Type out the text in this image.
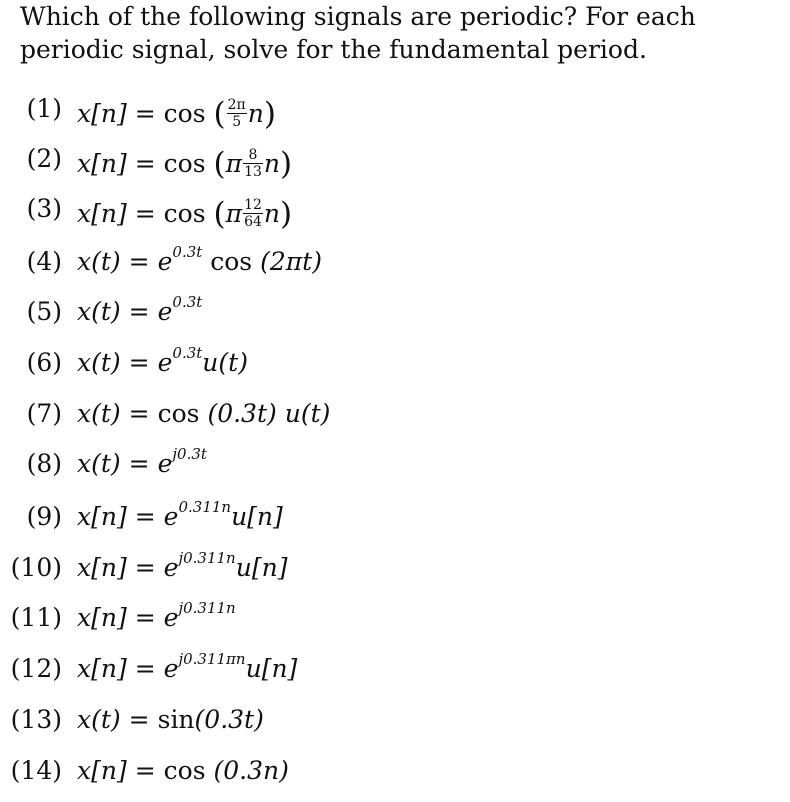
Which of the following signals are periodic? For each periodic signal, solve for the fundamental period.

(1) x[n] = cos ( $\frac{2\pi}{5} n$)
(2) $x[n] = \cos (\pi \frac{8}{13} n)$
(3) $x[n] = \cos (\pi \frac{12}{64} n)$
(4) $x(t) = e^{0.3t}$ cos (2πt)
(5) $x(t) = e^{0.3t}$
(6) $x(t) = e^{0.3t}u(t)$
(7) x(t) = cos (0.3t) u(t)
(8) $x(t) = e^{j0.3t}$
(9) $x[n] = e^{0.311n}u[n]$
(10) $x[n] = e^{j0.311n}u[n]$
(11) $x[n] = e^{j0.311n}$
(12) $x[n] = e^{j0.311\pi n}u[n]$
(13) x(t) = sin(0.3t)
(14) x[n] = cos (0.3n)
